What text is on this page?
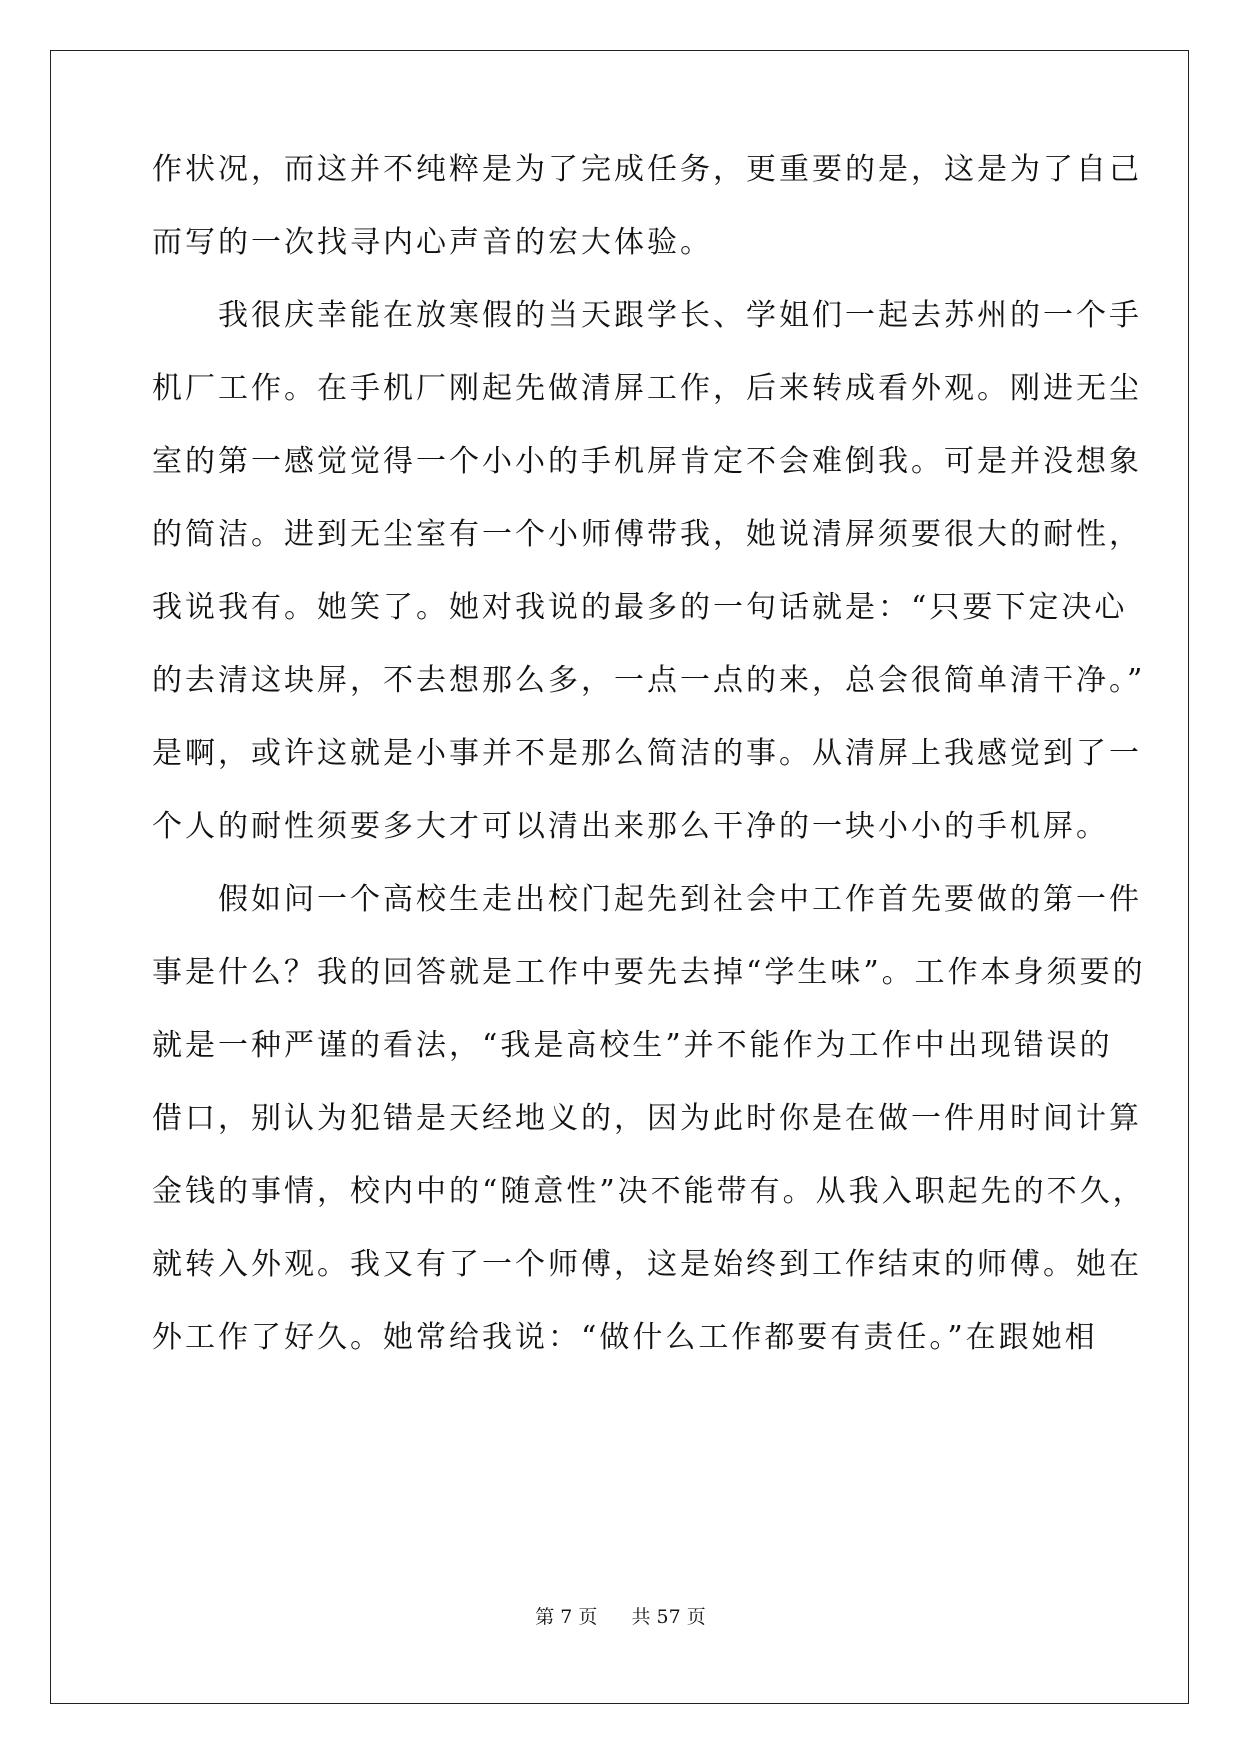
作状况，而这并不纯粹是为了完成任务，更重要的是，这是为了自己
而写的一次找寻内心声音的宏大体验。
　　我很庆幸能在放寒假的当天跟学长、学姐们一起去苏州的一个手
机厂工作。在手机厂刚起先做清屏工作，后来转成看外观。刚进无尘
室的第一感觉觉得一个小小的手机屏肯定不会难倒我。可是并没想象
的简洁。进到无尘室有一个小师傅带我，她说清屏须要很大的耐性，
我说我有。她笑了。她对我说的最多的一句话就是：“只要下定决心
的去清这块屏，不去想那么多，一点一点的来，总会很简单清干净。”
是啊，或许这就是小事并不是那么简洁的事。从清屏上我感觉到了一
个人的耐性须要多大才可以清出来那么干净的一块小小的手机屏。
　　假如问一个高校生走出校门起先到社会中工作首先要做的第一件
事是什么？我的回答就是工作中要先去掉“学生味”。工作本身须要的
就是一种严谨的看法，“我是高校生”并不能作为工作中出现错误的
借口，别认为犯错是天经地义的，因为此时你是在做一件用时间计算
金钱的事情，校内中的“随意性”决不能带有。从我入职起先的不久，
就转入外观。我又有了一个师傅，这是始终到工作结束的师傅。她在
外工作了好久。她常给我说：“做什么工作都要有责任。”在跟她相
第 7 页 共 57 页
